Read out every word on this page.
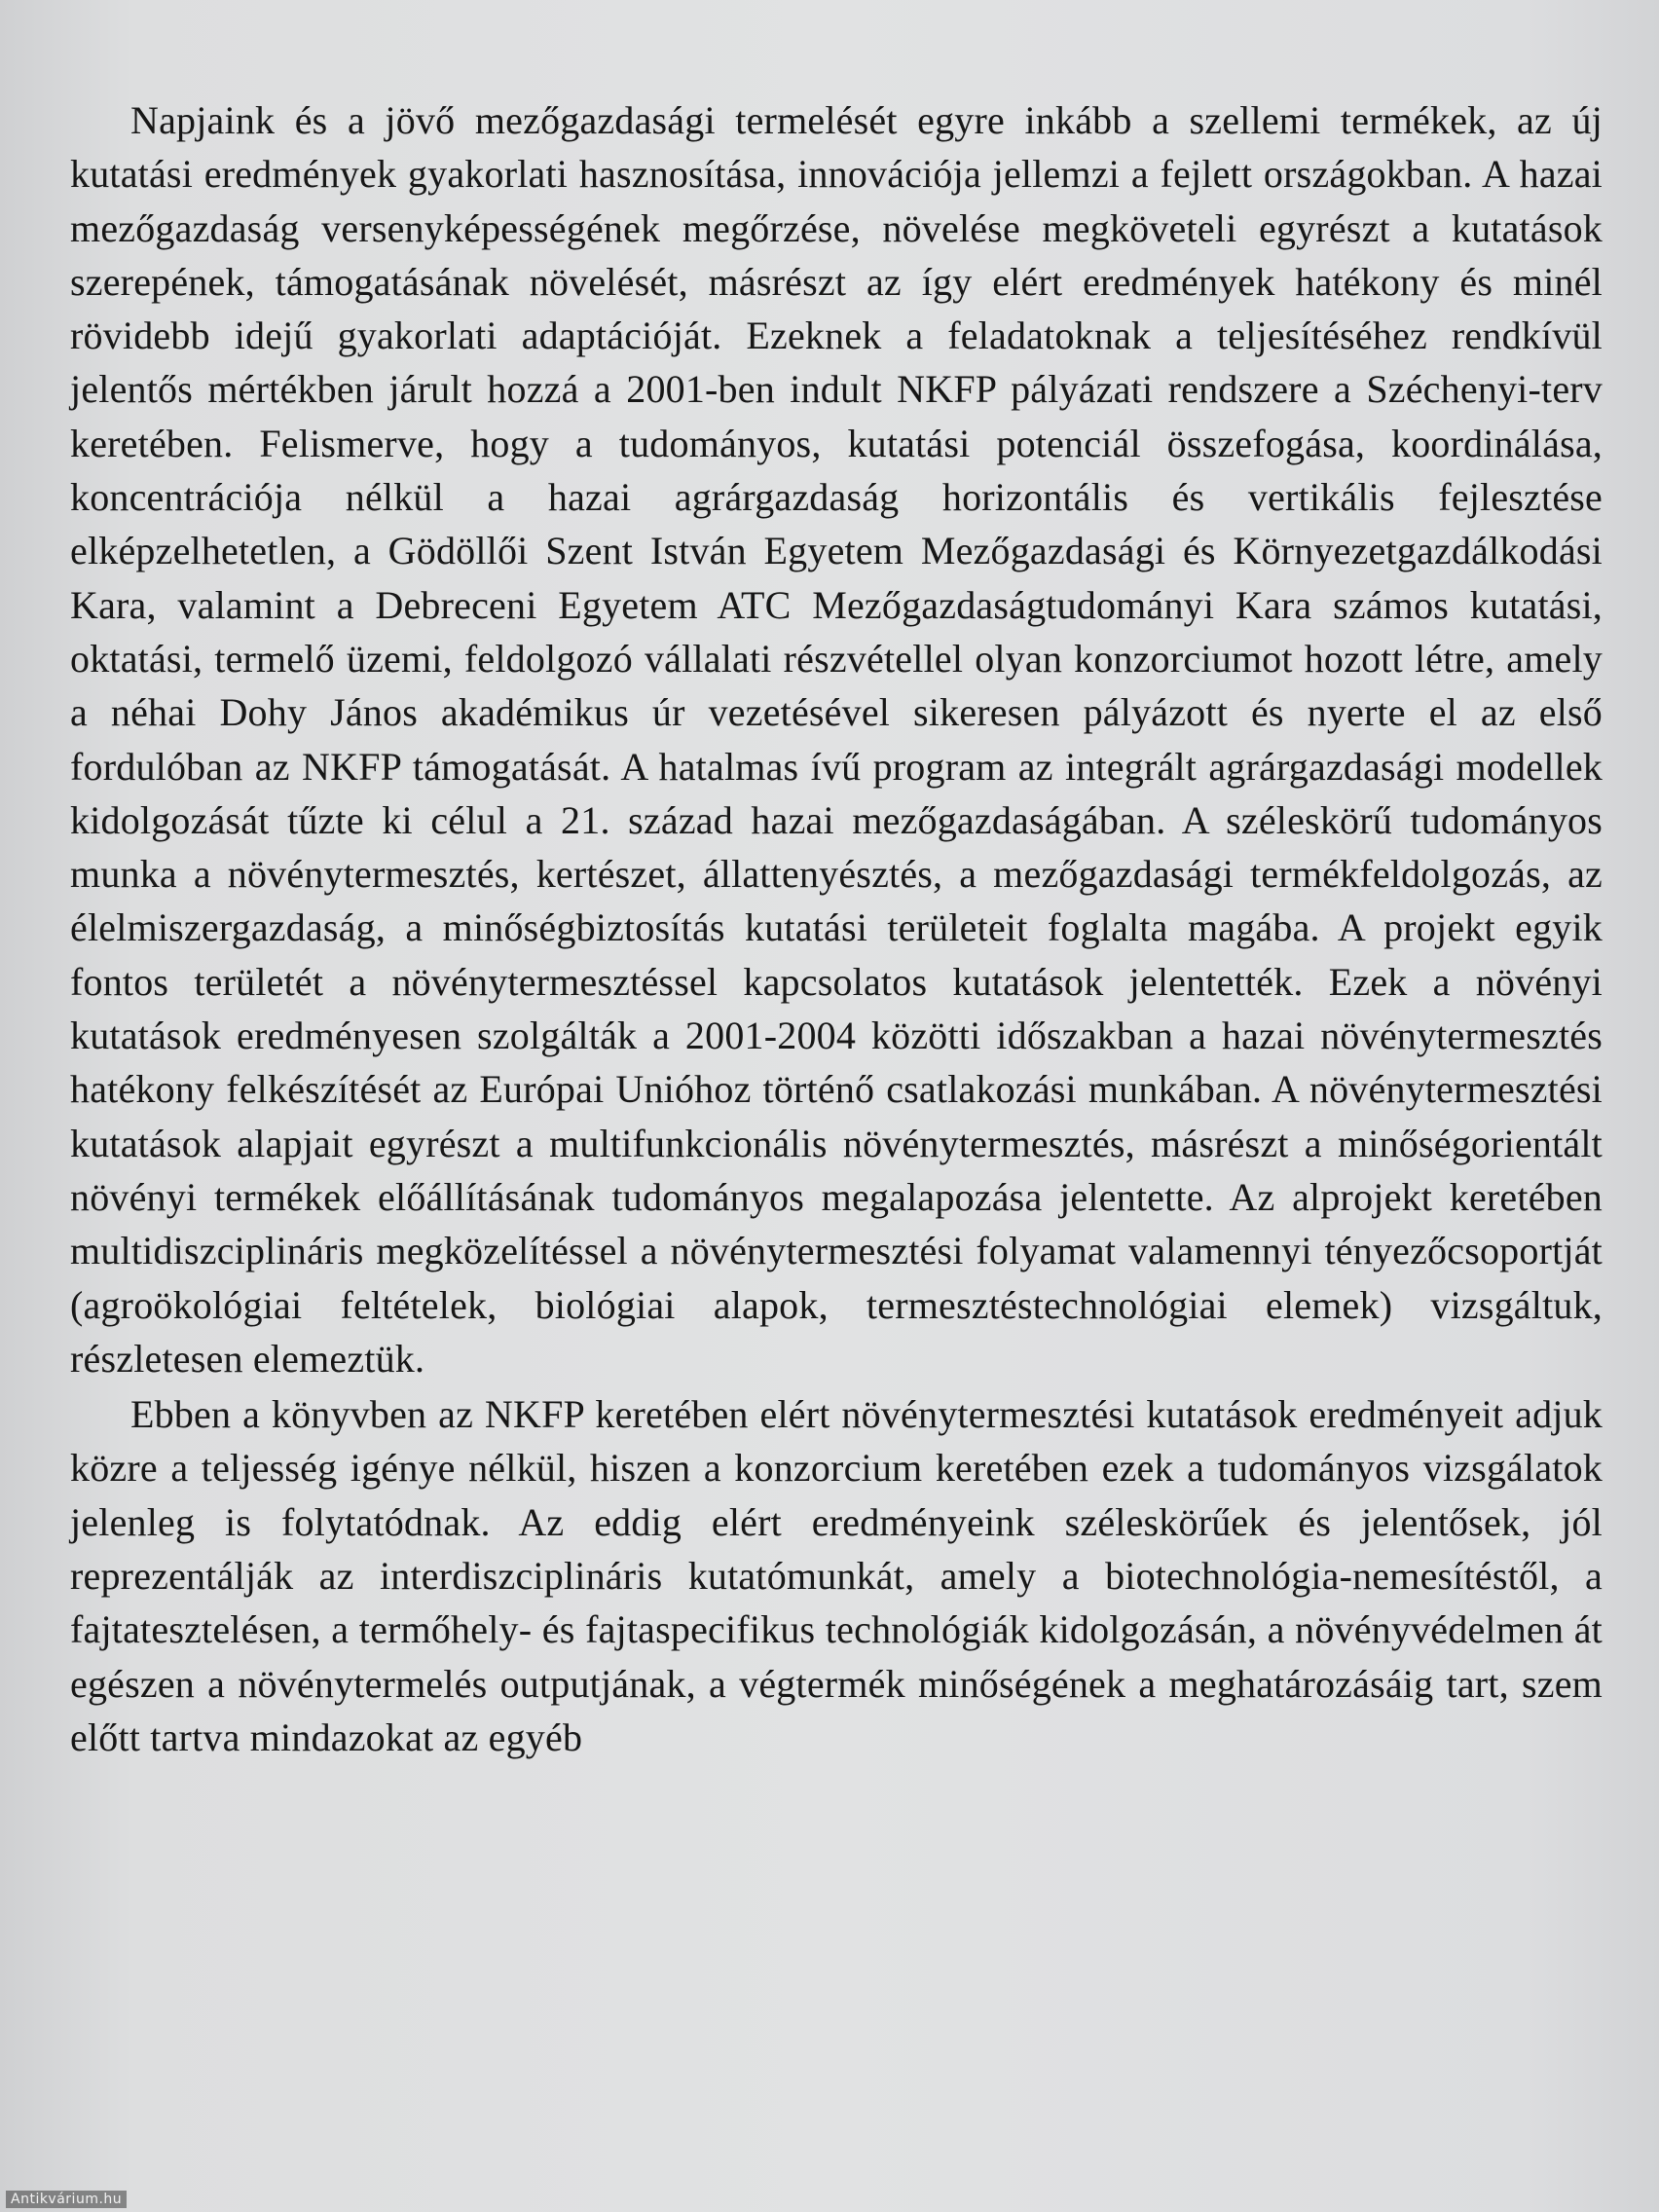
Napjaink és a jövő mezőgazdasági termelését egyre inkább a szellemi termékek, az új kutatási eredmények gyakorlati hasznosítása, innovációja jellemzi a fejlett országokban. A hazai mezőgazdaság versenyképességének megőrzése, növelése megköveteli egyrészt a kutatások szerepének, támogatásának növelését, másrészt az így elért eredmények hatékony és minél rövidebb idejű gyakorlati adaptációját. Ezeknek a feladatoknak a teljesítéséhez rendkívül jelentős mértékben járult hozzá a 2001-ben indult NKFP pályázati rendszere a Széchenyi-terv keretében. Felismerve, hogy a tudományos, kutatási potenciál összefogása, koordinálása, koncentrációja nélkül a hazai agrárgazdaság horizontális és vertikális fejlesztése elképzelhetetlen, a Gödöllői Szent István Egyetem Mezőgazdasági és Környezetgazdálkodási Kara, valamint a Debreceni Egyetem ATC Mezőgazdaságtudományi Kara számos kutatási, oktatási, termelő üzemi, feldolgozó vállalati részvétellel olyan konzorciumot hozott létre, amely a néhai Dohy János akadémikus úr vezetésével sikeresen pályázott és nyerte el az első fordulóban az NKFP támogatását. A hatalmas ívű program az integrált agrárgazdasági modellek kidolgozását tűzte ki célul a 21. század hazai mezőgazdaságában. A széleskörű tudományos munka a növénytermesztés, kertészet, állattenyésztés, a mezőgazdasági termékfeldolgozás, az élelmiszergazdaság, a minőségbiztosítás kutatási területeit foglalta magába. A projekt egyik fontos területét a növénytermesztéssel kapcsolatos kutatások jelentették. Ezek a növényi kutatások eredményesen szolgálták a 2001-2004 közötti időszakban a hazai növénytermesztés hatékony felkészítését az Európai Unióhoz történő csatlakozási munkában. A növénytermesztési kutatások alapjait egyrészt a multifunkcionális növénytermesztés, másrészt a minőségorientált növényi termékek előállításának tudományos megalapozása jelentette. Az alprojekt keretében multidiszciplináris megközelítéssel a növénytermesztési folyamat valamennyi tényezőcsoportját (agroökológiai feltételek, biológiai alapok, termesztéstechnológiai elemek) vizsgáltuk, részletesen elemeztük.

Ebben a könyvben az NKFP keretében elért növénytermesztési kutatások eredményeit adjuk közre a teljesség igénye nélkül, hiszen a konzorcium keretében ezek a tudományos vizsgálatok jelenleg is folytatódnak. Az eddig elért eredményeink széleskörűek és jelentősek, jól reprezentálják az interdiszciplináris kutatómunkát, amely a biotechnológia-nemesítéstől, a fajtatesztelésen, a termőhely- és fajtaspecifikus technológiák kidolgozásán, a növényvédelmen át egészen a növénytermelés outputjának, a végtermék minőségének a meghatározásáig tart, szem előtt tartva mindazokat az egyéb

Antikvárium.hu
